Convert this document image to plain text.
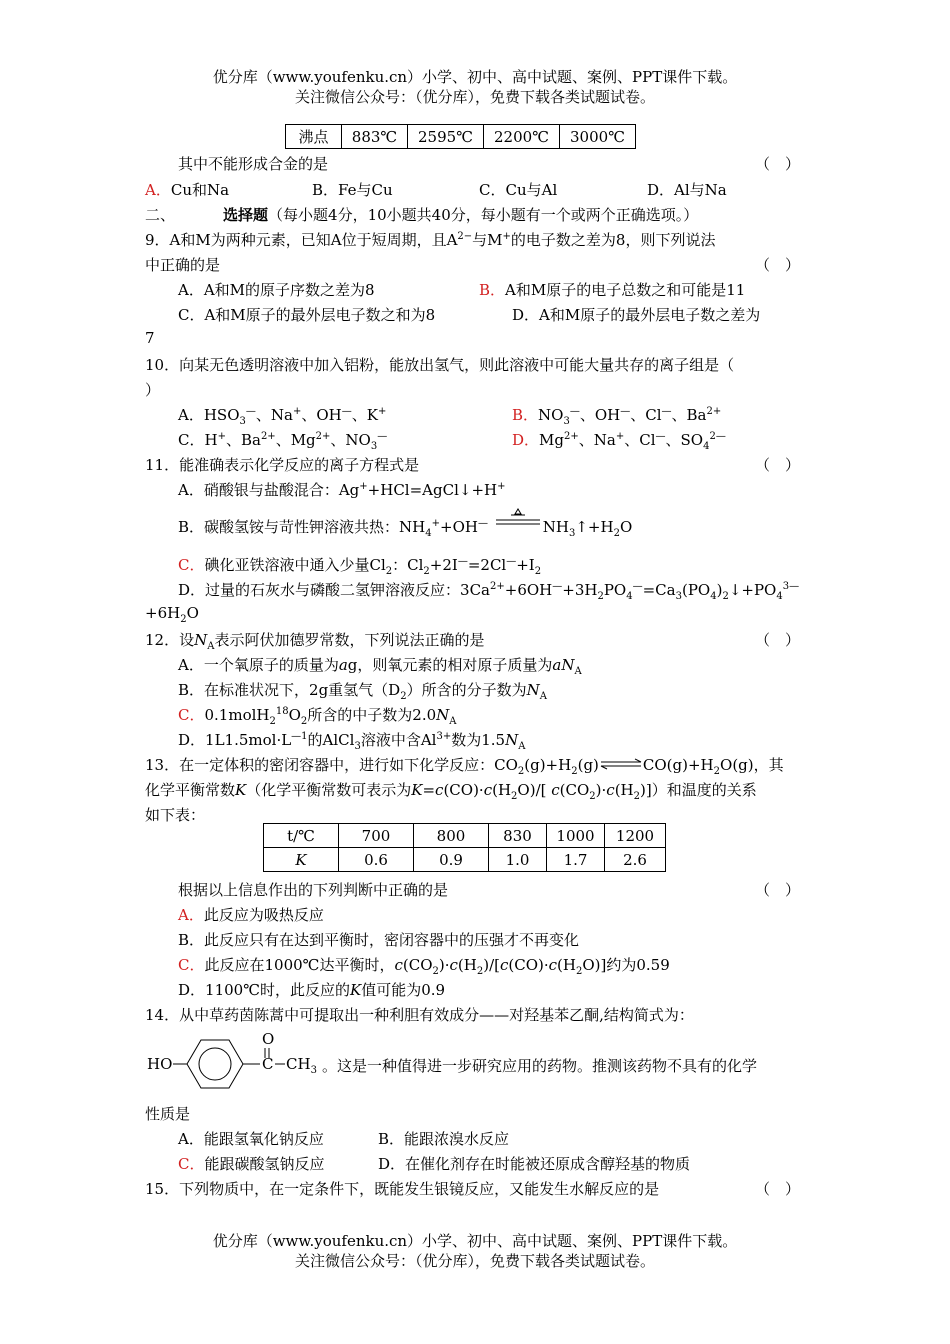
优分库（www.youfenku.cn）小学、初中、高中试题、案例、PPT课件下载。
关注微信公众号：（优分库），免费下载各类试题试卷。
沸点	883℃	2595℃	2200℃	3000℃
其中不能形成合金的是	（　）
A．Cu和Na	B．Fe与Cu	C．Cu与Al	D．Al与Na
二、	选择题（每小题4分，10小题共40分，每小题有一个或两个正确选项。）
9．A和M为两种元素，已知A位于短周期，且$A^{2-}$与M+的电子数之差为8，则下列说法
中正确的是	（　）
A．A和M的原子序数之差为8	B．A和M原子的电子总数之和可能是11
C．A和M原子的最外层电子数之和为8	D．A和M原子的最外层电子数之差为
7
10．向某无色透明溶液中加入铝粉，能放出氢气，则此溶液中可能大量共存的离子组是（
）
A．$HSO_3^—$、Na+、OH—、K+	B．$NO_3^—$、OH—、Cl—、$Ba^{2+}$
C．H+、$Ba^{2+}$、$Mg^{2+}$、$NO_3^—$	D．$Mg^{2+}$、Na+、Cl—、$SO_4^{2—}$
11．能准确表示化学反应的离子方程式是	（　）
A．硝酸银与盐酸混合：Ag++HCl=AgCl↓+H+
B．碳酸氢铵与苛性钾溶液共热：$NH_4^++OH^—$	$NH_3↑+H_2O$
C．碘化亚铁溶液中通入少量$Cl_2$：$Cl_2+2I^—=2Cl^—+I_2$
D．过量的石灰水与磷酸二氢钾溶液反应：$3Ca^{2+}+6OH^—+3H_2PO_4^—=Ca_3(PO_4)_2↓+PO_4^{3—}$
$+6H_2O$
12．设$N_A$表示阿伏加德罗常数，下列说法正确的是	（　）
A．一个氧原子的质量为ag，则氧元素的相对原子质量为$aN_A$
B．在标准状况下，2g重氢气$(D_2)$所含的分子数为$N_A$
C．$0.1molH_2^{18}O_2$所含的中子数为$2.0N_A$
D．$1L1.5mol\cdot L^{—1}$的AlCl$_3$溶液中含$Al^{3+}$数为$1.5N_A$
13．在一定体积的密闭容器中，进行如下化学反应：$CO_2(g)+H_2(g)\rightleftharpoons CO(g)+H_2O(g)$，其
化学平衡常数K（化学平衡常数可表示为$K=c(CO)\cdot c(H_2O)/$[ $c(CO_2)\cdot c(H_2)$]）和温度的关系
如下表：
t/℃	700	800	830	1000	1200
K	0.6	0.9	1.0	1.7	2.6
根据以上信息作出的下列判断中正确的是	（　）
A．此反应为吸热反应
B．此反应只有在达到平衡时，密闭容器中的压强才不再变化
C．此反应在1000℃达平衡时，$c(CO_2)\cdot c(H_2)/[c(CO)\cdot c(H_2O)]$约为0.59
D．1100℃时，此反应的K值可能为0.9
14．从中草药茵陈蒿中可提取出一种利胆有效成分——对羟基苯乙酮,结构简式为：
HO
O
C $CH_3$ 。这是一种值得进一步研究应用的药物。推测该药物不具有的化学
性质是
A．能跟氢氧化钠反应	B．能跟浓溴水反应
C．能跟碳酸氢钠反应	D．在催化剂存在时能被还原成含醇羟基的物质
15．下列物质中，在一定条件下，既能发生银镜反应，又能发生水解反应的是	（　）
优分库（www.youfenku.cn）小学、初中、高中试题、案例、PPT课件下载。
关注微信公众号：（优分库），免费下载各类试题试卷。
